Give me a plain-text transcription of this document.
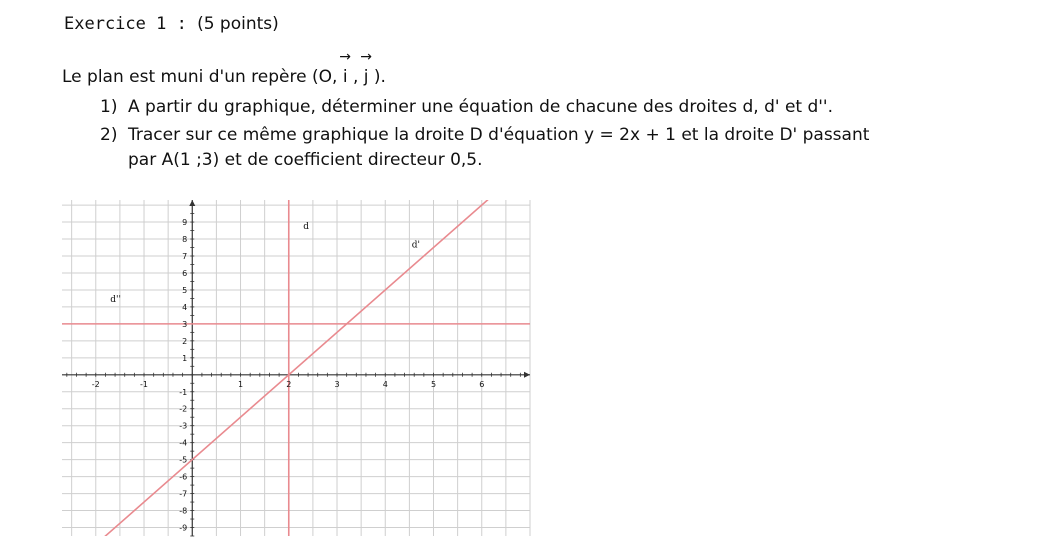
Exercice 1 : (5 points)
Le plan est muni d'un repère (O,
→
i ,
→
j ).
1) A partir du graphique, déterminer une équation de chacune des droites d, d' et d''.
2) Tracer sur ce même graphique la droite D d'équation y = 2x + 1 et la droite D' passant
par A(1 ;3) et de coefficient directeur 0,5.
-2	-1	1	2	3	4	5	6
-9
-8
-7
-6
-5
-4
-3
-2
-1
1
2
3
4
5
6
7
8
9	d
d'
d''
